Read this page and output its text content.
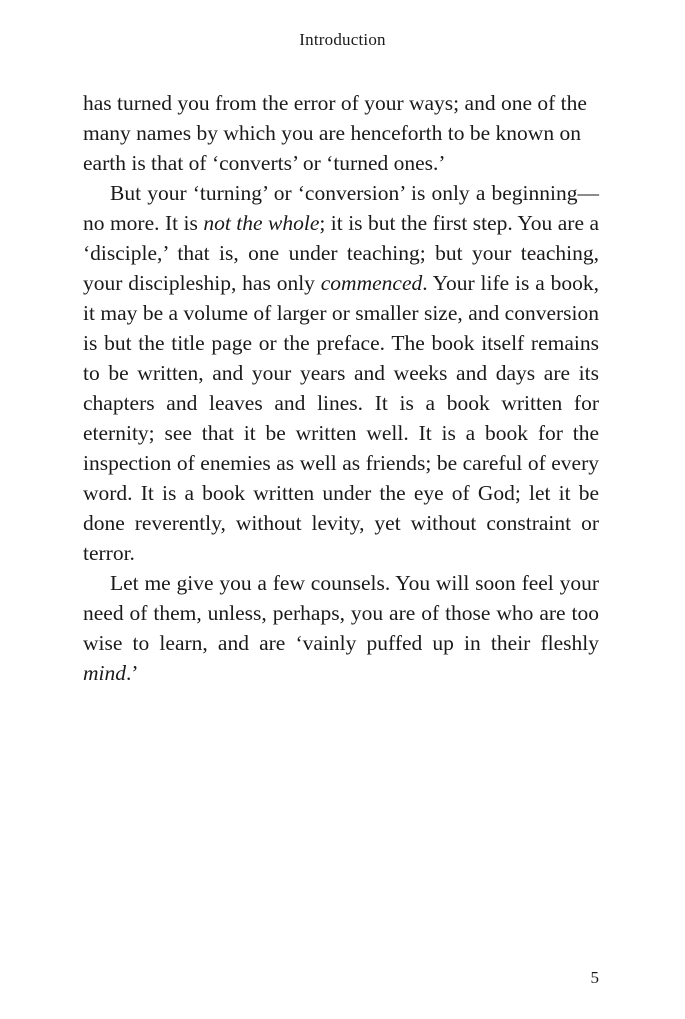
Introduction

has turned you from the error of your ways; and one of the many names by which you are henceforth to be known on earth is that of ‘converts’ or ‘turned ones.’

But your ‘turning’ or ‘conversion’ is only a beginning—no more. It is not the whole; it is but the first step. You are a ‘disciple,’ that is, one under teaching; but your teaching, your discipleship, has only commenced. Your life is a book, it may be a volume of larger or smaller size, and conversion is but the title page or the preface. The book itself remains to be written, and your years and weeks and days are its chapters and leaves and lines. It is a book written for eternity; see that it be written well. It is a book for the inspection of enemies as well as friends; be careful of every word. It is a book written under the eye of God; let it be done reverently, without levity, yet without constraint or terror.

Let me give you a few counsels. You will soon feel your need of them, unless, perhaps, you are of those who are too wise to learn, and are ‘vainly puffed up in their fleshly mind.’

5
